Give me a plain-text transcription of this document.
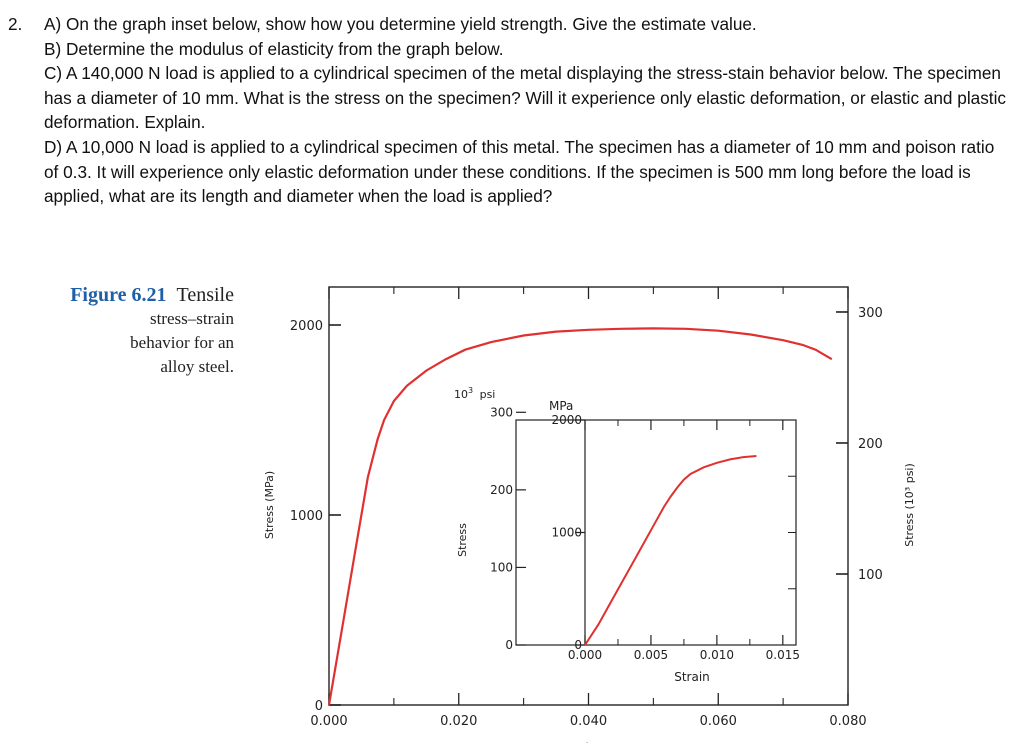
2.	A) On the graph inset below, show how you determine yield strength. Give the estimate value.

B) Determine the modulus of elasticity from the graph below.

C) A 140,000 N load is applied to a cylindrical specimen of the metal displaying the stress-stain behavior below. The specimen has a diameter of 10 mm. What is the stress on the specimen? Will it experience only elastic deformation, or elastic and plastic deformation. Explain.

D) A 10,000 N load is applied to a cylindrical specimen of this metal. The specimen has a diameter of 10 mm and poison ratio of 0.3. It will experience only elastic deformation under these conditions. If the specimen is 500 mm long before the load is applied, what are its length and diameter when the load is applied?

Figure 6.21 Tensile
stress–strain
behavior for an
alloy steel.
0.000	0.020	0.040	0.060	0.080
0
1000
2000
100
200
300
Stress (MPa)	Stress (10³ psi)
0.000	0.005	0.010	0.015
0
1000
2000
0
100
200
300
$10^3$ psi
MPa
Stress
Strain
